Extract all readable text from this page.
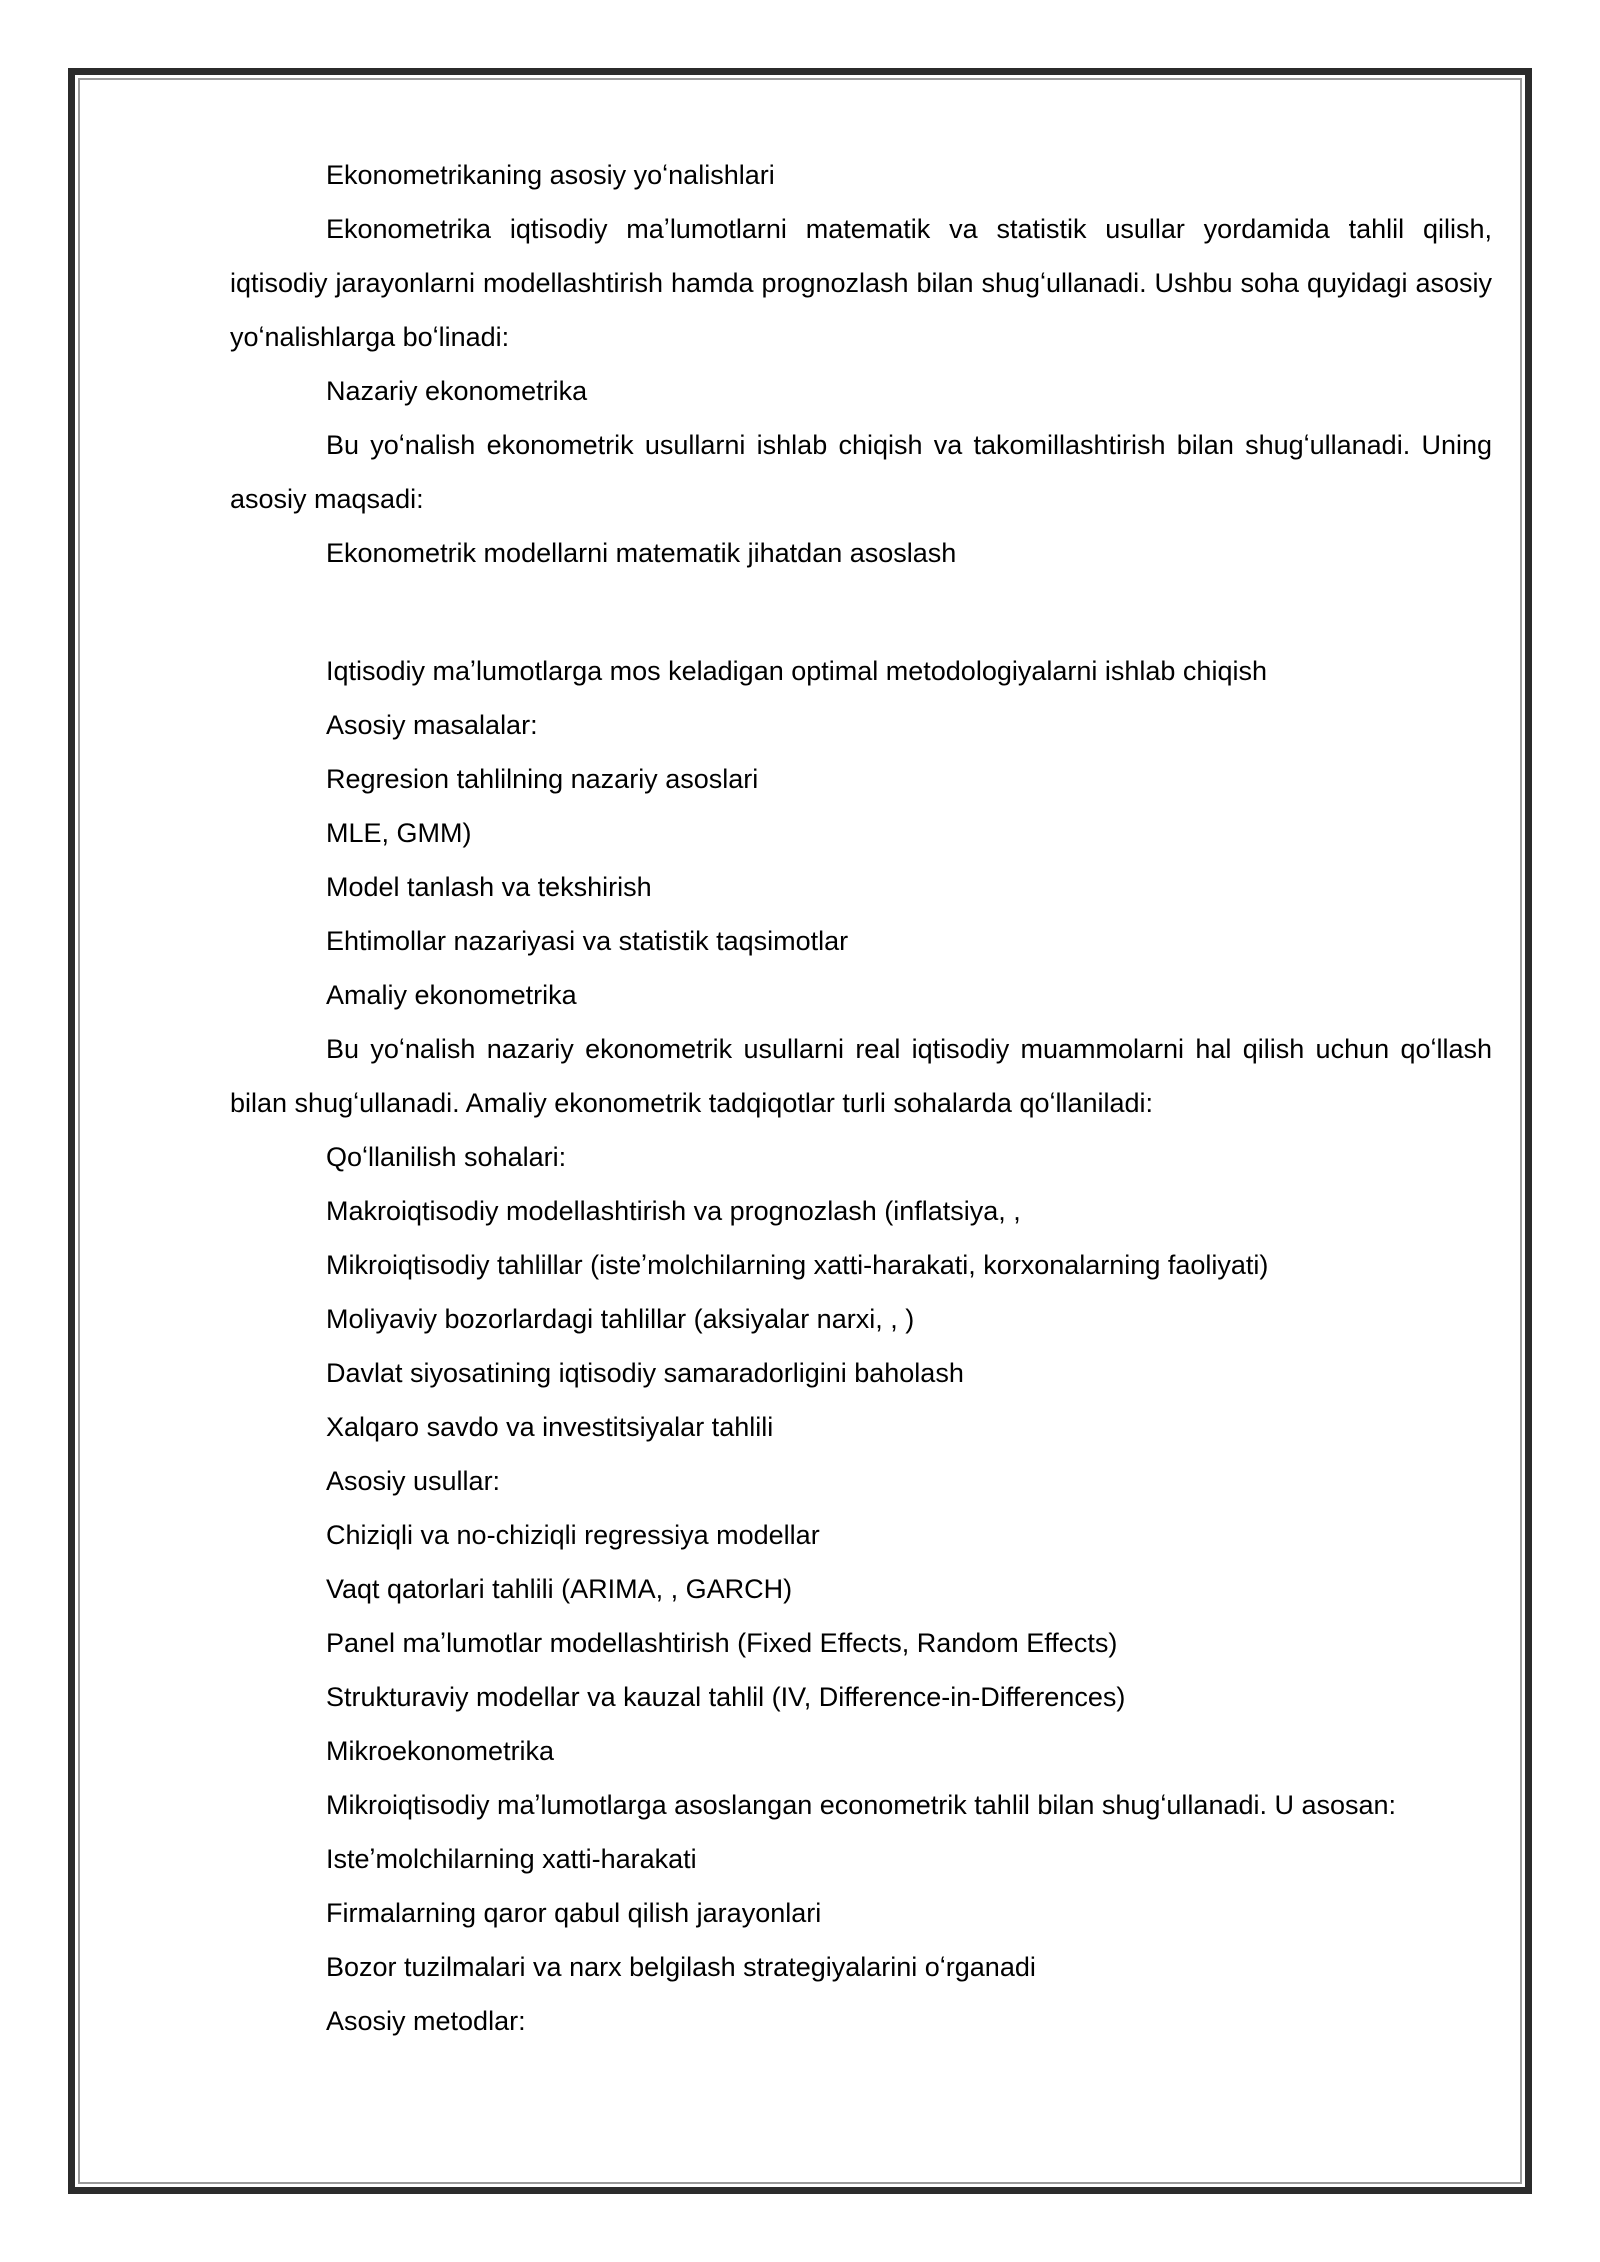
Ekonometrikaning asosiy yoʻnalishlari

Ekonometrika iqtisodiy maʼlumotlarni matematik va statistik usullar yordamida tahlil qilish, iqtisodiy jarayonlarni modellashtirish hamda prognozlash bilan shugʻullanadi. Ushbu soha quyidagi asosiy yoʻnalishlarga boʻlinadi:

Nazariy ekonometrika

Bu yoʻnalish ekonometrik usullarni ishlab chiqish va takomillashtirish bilan shugʻullanadi. Uning asosiy maqsadi:

Ekonometrik modellarni matematik jihatdan asoslash

Iqtisodiy maʼlumotlarga mos keladigan optimal metodologiyalarni ishlab chiqish

Asosiy masalalar:

Regresion tahlilning nazariy asoslari

MLE, GMM)

Model tanlash va tekshirish

Ehtimollar nazariyasi va statistik taqsimotlar

Amaliy ekonometrika

Bu yoʻnalish nazariy ekonometrik usullarni real iqtisodiy muammolarni hal qilish uchun qoʻllash bilan shugʻullanadi. Amaliy ekonometrik tadqiqotlar turli sohalarda qoʻllaniladi:

Qoʻllanilish sohalari:

Makroiqtisodiy modellashtirish va prognozlash (inflatsiya, ,

Mikroiqtisodiy tahlillar (isteʼmolchilarning xatti-harakati, korxonalarning faoliyati)

Moliyaviy bozorlardagi tahlillar (aksiyalar narxi, , )

Davlat siyosatining iqtisodiy samaradorligini baholash

Xalqaro savdo va investitsiyalar tahlili

Asosiy usullar:

Chiziqli va no-chiziqli regressiya modellar

Vaqt qatorlari tahlili (ARIMA, , GARCH)

Panel maʼlumotlar modellashtirish (Fixed Effects, Random Effects)

Strukturaviy modellar va kauzal tahlil (IV, Difference-in-Differences)

Mikroekonometrika

Mikroiqtisodiy maʼlumotlarga asoslangan econometrik tahlil bilan shugʻullanadi. U asosan:

Isteʼmolchilarning xatti-harakati

Firmalarning qaror qabul qilish jarayonlari

Bozor tuzilmalari va narx belgilash strategiyalarini oʻrganadi

Asosiy metodlar:
